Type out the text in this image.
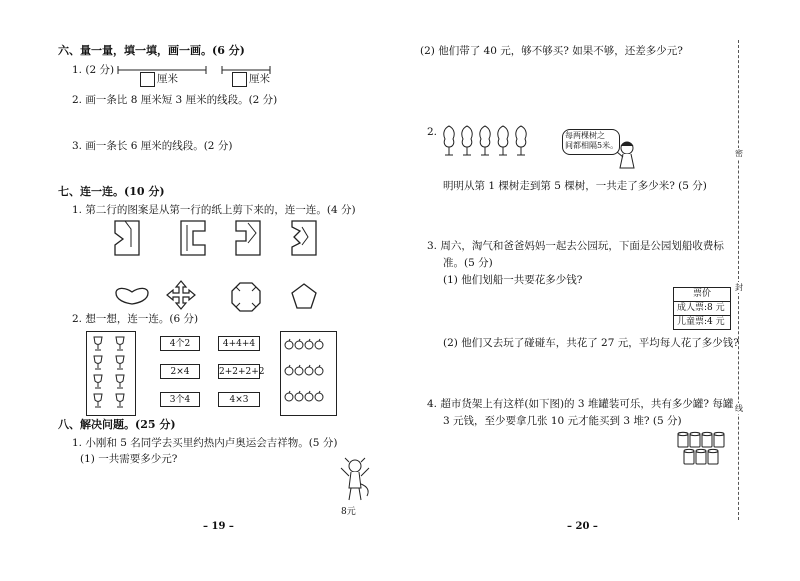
六、量一量，填一填，画一画。(6 分)
1. (2 分)
厘米	厘米
2. 画一条比 8 厘米短 3 厘米的线段。(2 分)
3. 画一条长 6 厘米的线段。(2 分)
七、连一连。(10 分)
1. 第二行的图案是从第一行的纸上剪下来的，连一连。(4 分)
2. 想一想，连一连。(6 分)
4个2	4+4+4
2×4	2+2+2+2
3个4	4×3
八、解决问题。(25 分)
1. 小刚和 5 名同学去买里约热内卢奥运会吉祥物。(5 分)
(1) 一共需要多少元?
8元
– 19 –
(2) 他们带了 40 元，够不够买? 如果不够，还差多少元?
2.	每两棵树之
间都相隔5米。
明明从第 1 棵树走到第 5 棵树，一共走了多少米? (5 分)
3. 周六，淘气和爸爸妈妈一起去公园玩，下面是公园划船收费标
准。(5 分)
(1) 他们划船一共要花多少钱?
票价
成人票:8 元
儿童票:4 元
(2) 他们又去玩了碰碰车，共花了 27 元，平均每人花了多少钱?
4. 超市货架上有这样(如下图)的 3 堆罐装可乐，共有多少罐? 每罐
3 元钱，至少要拿几张 10 元才能买到 3 堆? (5 分)
– 20 –
密
封
线
